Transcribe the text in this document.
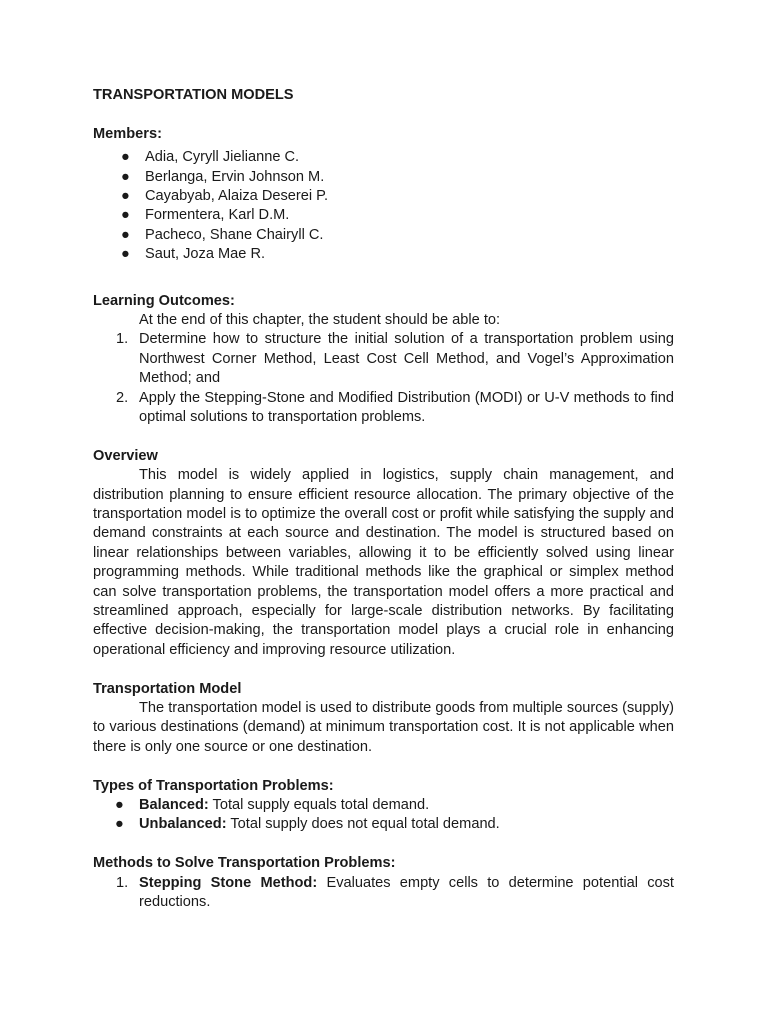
TRANSPORTATION MODELS

Members:
● Adia, Cyryll Jielianne C.
● Berlanga, Ervin Johnson M.
● Cayabyab, Alaiza Deserei P.
● Formentera, Karl D.M.
● Pacheco, Shane Chairyll C.
● Saut, Joza Mae R.
Learning Outcomes:

At the end of this chapter, the student should be able to:

1. Determine how to structure the initial solution of a transportation problem using Northwest Corner Method, Least Cost Cell Method, and Vogel’s Approximation Method; and
2. Apply the Stepping-Stone and Modified Distribution (MODI) or U-V methods to find optimal solutions to transportation problems.
Overview

This model is widely applied in logistics, supply chain management, and distribution planning to ensure efficient resource allocation. The primary objective of the transportation model is to optimize the overall cost or profit while satisfying the supply and demand constraints at each source and destination. The model is structured based on linear relationships between variables, allowing it to be efficiently solved using linear programming methods. While traditional methods like the graphical or simplex method can solve transportation problems, the transportation model offers a more practical and streamlined approach, especially for large-scale distribution networks. By facilitating effective decision-making, the transportation model plays a crucial role in enhancing operational efficiency and improving resource utilization.

Transportation Model

The transportation model is used to distribute goods from multiple sources (supply) to various destinations (demand) at minimum transportation cost. It is not applicable when there is only one source or one destination.

Types of Transportation Problems:
● Balanced: Total supply equals total demand.
● Unbalanced: Total supply does not equal total demand.
Methods to Solve Transportation Problems:
1. Stepping Stone Method: Evaluates empty cells to determine potential cost reductions.
